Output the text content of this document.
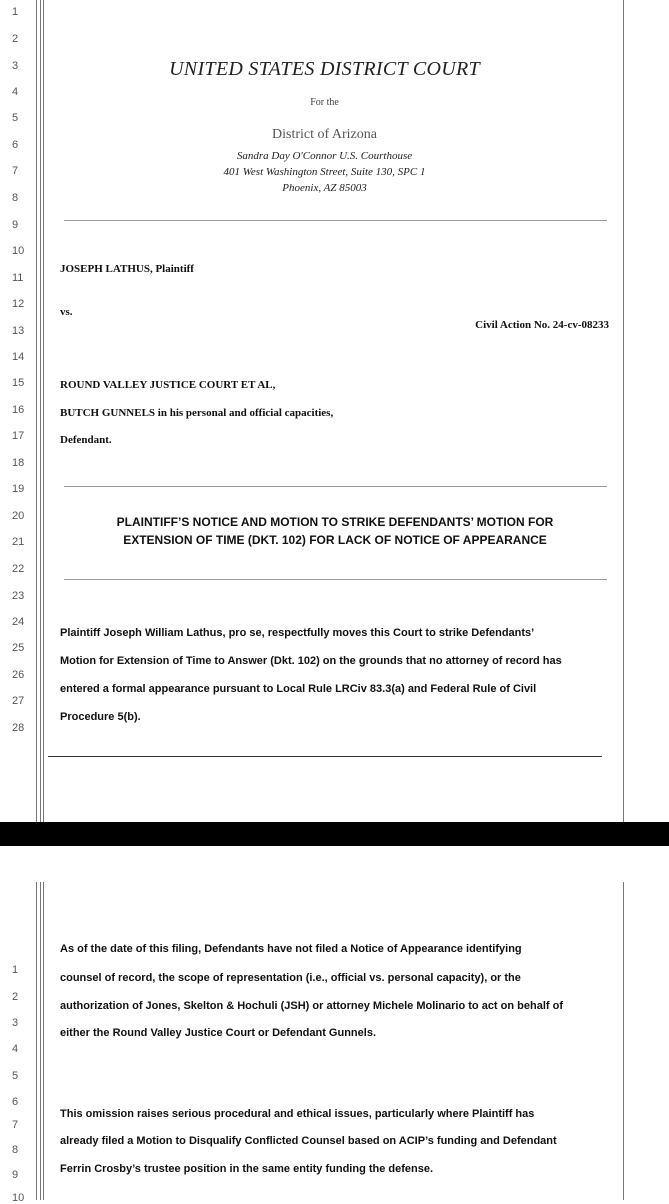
1
2
3
4
5
6
7
8
9
10
11
12
13
14
15
16
17
18
19
20
21
22
23
24
25
26
27
28
UNITED STATES DISTRICT COURT
For the
District of Arizona
Sandra Day O'Connor U.S. Courthouse
401 West Washington Street, Suite 130, SPC 1
Phoenix, AZ 85003
JOSEPH LATHUS, Plaintiff
vs.
Civil Action No. 24-cv-08233
ROUND VALLEY JUSTICE COURT ET AL,
BUTCH GUNNELS in his personal and official capacities,
Defendant.
PLAINTIFF’S NOTICE AND MOTION TO STRIKE DEFENDANTS’ MOTION FOR
EXTENSION OF TIME (DKT. 102) FOR LACK OF NOTICE OF APPEARANCE
Plaintiff Joseph William Lathus, pro se, respectfully moves this Court to strike Defendants’
Motion for Extension of Time to Answer (Dkt. 102) on the grounds that no attorney of record has
entered a formal appearance pursuant to Local Rule LRCiv 83.3(a) and Federal Rule of Civil
Procedure 5(b).
1
2
3
4
5
6
7
8
9
10
As of the date of this filing, Defendants have not filed a Notice of Appearance identifying
counsel of record, the scope of representation (i.e., official vs. personal capacity), or the
authorization of Jones, Skelton & Hochuli (JSH) or attorney Michele Molinario to act on behalf of
either the Round Valley Justice Court or Defendant Gunnels.
This omission raises serious procedural and ethical issues, particularly where Plaintiff has
already filed a Motion to Disqualify Conflicted Counsel based on ACIP’s funding and Defendant
Ferrin Crosby’s trustee position in the same entity funding the defense.
